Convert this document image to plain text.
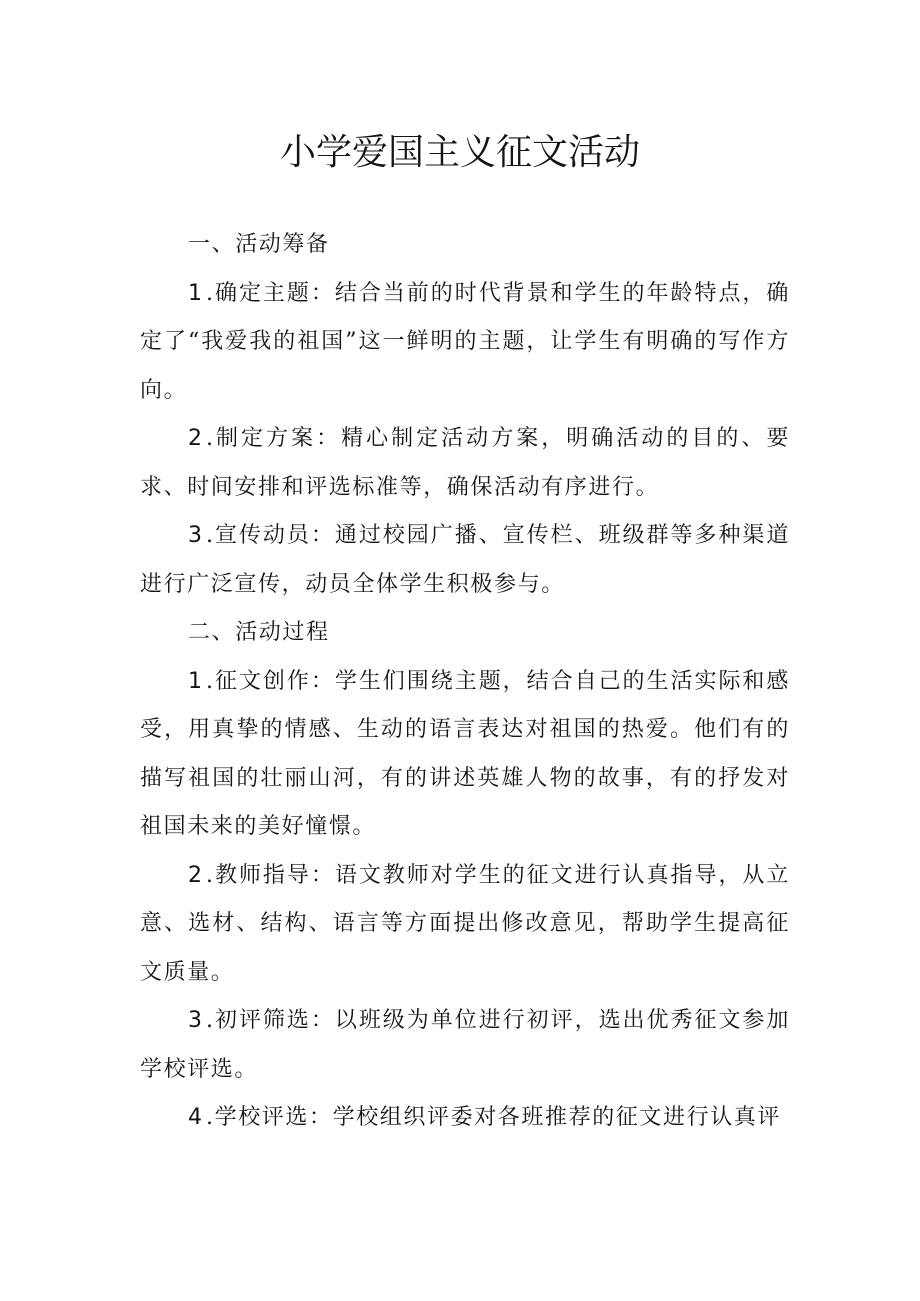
小学爱国主义征文活动

一、活动筹备

1 .确定主题：结合当前的时代背景和学生的年龄特点，确定了“我爱我的祖国”这一鲜明的主题，让学生有明确的写作方向。

2 .制定方案：精心制定活动方案，明确活动的目的、要求、时间安排和评选标准等，确保活动有序进行。

3 .宣传动员：通过校园广播、宣传栏、班级群等多种渠道进行广泛宣传，动员全体学生积极参与。

二、活动过程

1 .征文创作：学生们围绕主题，结合自己的生活实际和感受，用真挚的情感、生动的语言表达对祖国的热爱。他们有的描写祖国的壮丽山河，有的讲述英雄人物的故事，有的抒发对祖国未来的美好憧憬。

2 .教师指导：语文教师对学生的征文进行认真指导，从立意、选材、结构、语言等方面提出修改意见，帮助学生提高征文质量。

3 .初评筛选：以班级为单位进行初评，选出优秀征文参加学校评选。

4 .学校评选：学校组织评委对各班推荐的征文进行认真评
